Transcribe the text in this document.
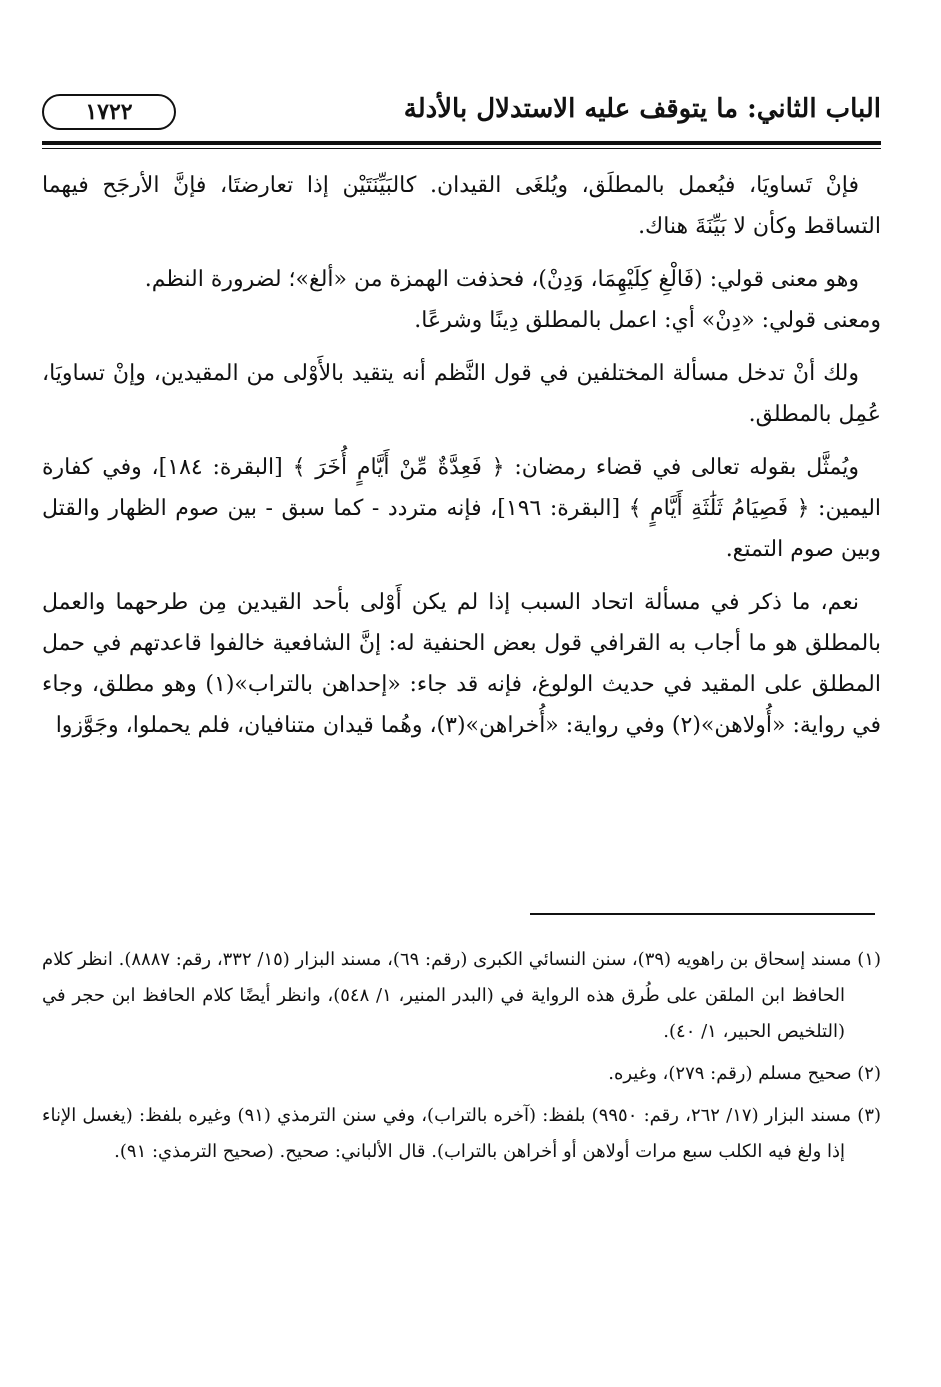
الباب الثاني: ما يتوقف عليه الاستدلال بالأدلة
١٧٢٢

فإنْ تَساويَا، فيُعمل بالمطلَق، ويُلغَى القيدان. كالبَيِّنَتَيْن إذا تعارضتَا، فإنَّ الأرجَح فيهما التساقط وكأن لا بَيِّنَةَ هناك.

وهو معنى قولي: (فَالْغِ كِلَيْهِمَا، وَدِنْ)، فحذفت الهمزة من «ألغ»؛ لضرورة النظم.

ومعنى قولي: «دِنْ» أي: اعمل بالمطلق دِينًا وشرعًا.

ولك أنْ تدخل مسألة المختلفين في قول النَّظم أنه يتقيد بالأَوْلى من المقيدين، وإنْ تساويَا، عُمِل بالمطلق.

ويُمثَّل بقوله تعالى في قضاء رمضان: ﴿ فَعِدَّةٌ مِّنْ أَيَّامٍ أُخَرَ ﴾ [البقرة: ١٨٤]، وفي كفارة اليمين: ﴿ فَصِيَامُ ثَلَٰثَةِ أَيَّامٍ ﴾ [البقرة: ١٩٦]، فإنه متردد - كما سبق - بين صوم الظهار والقتل وبين صوم التمتع.

نعم، ما ذكر في مسألة اتحاد السبب إذا لم يكن أَوْلى بأحد القيدين مِن طرحهما والعمل بالمطلق هو ما أجاب به القرافي قول بعض الحنفية له: إنَّ الشافعية خالفوا قاعدتهم في حمل المطلق على المقيد في حديث الولوغ، فإنه قد جاء: «إحداهن بالتراب»(١) وهو مطلق، وجاء في رواية: «أُولاهن»(٢) وفي رواية: «أُخراهن»(٣)، وهُما قيدان متنافيان، فلم يحملوا، وجَوَّزوا

(١) مسند إسحاق بن راهويه (٣٩)، سنن النسائي الكبرى (رقم: ٦٩)، مسند البزار (١٥/ ٣٣٢، رقم: ٨٨٨٧). انظر كلام الحافظ ابن الملقن على طُرق هذه الرواية في (البدر المنير، ١/ ٥٤٨)، وانظر أيضًا كلام الحافظ ابن حجر في (التلخيص الحبير، ١/ ٤٠).

(٢) صحيح مسلم (رقم: ٢٧٩)، وغيره.

(٣) مسند البزار (١٧/ ٢٦٢، رقم: ٩٩٥٠) بلفظ: (آخره بالتراب)، وفي سنن الترمذي (٩١) وغيره بلفظ: (يغسل الإناء إذا ولغ فيه الكلب سبع مرات أولاهن أو أخراهن بالتراب). قال الألباني: صحيح. (صحيح الترمذي: ٩١).
